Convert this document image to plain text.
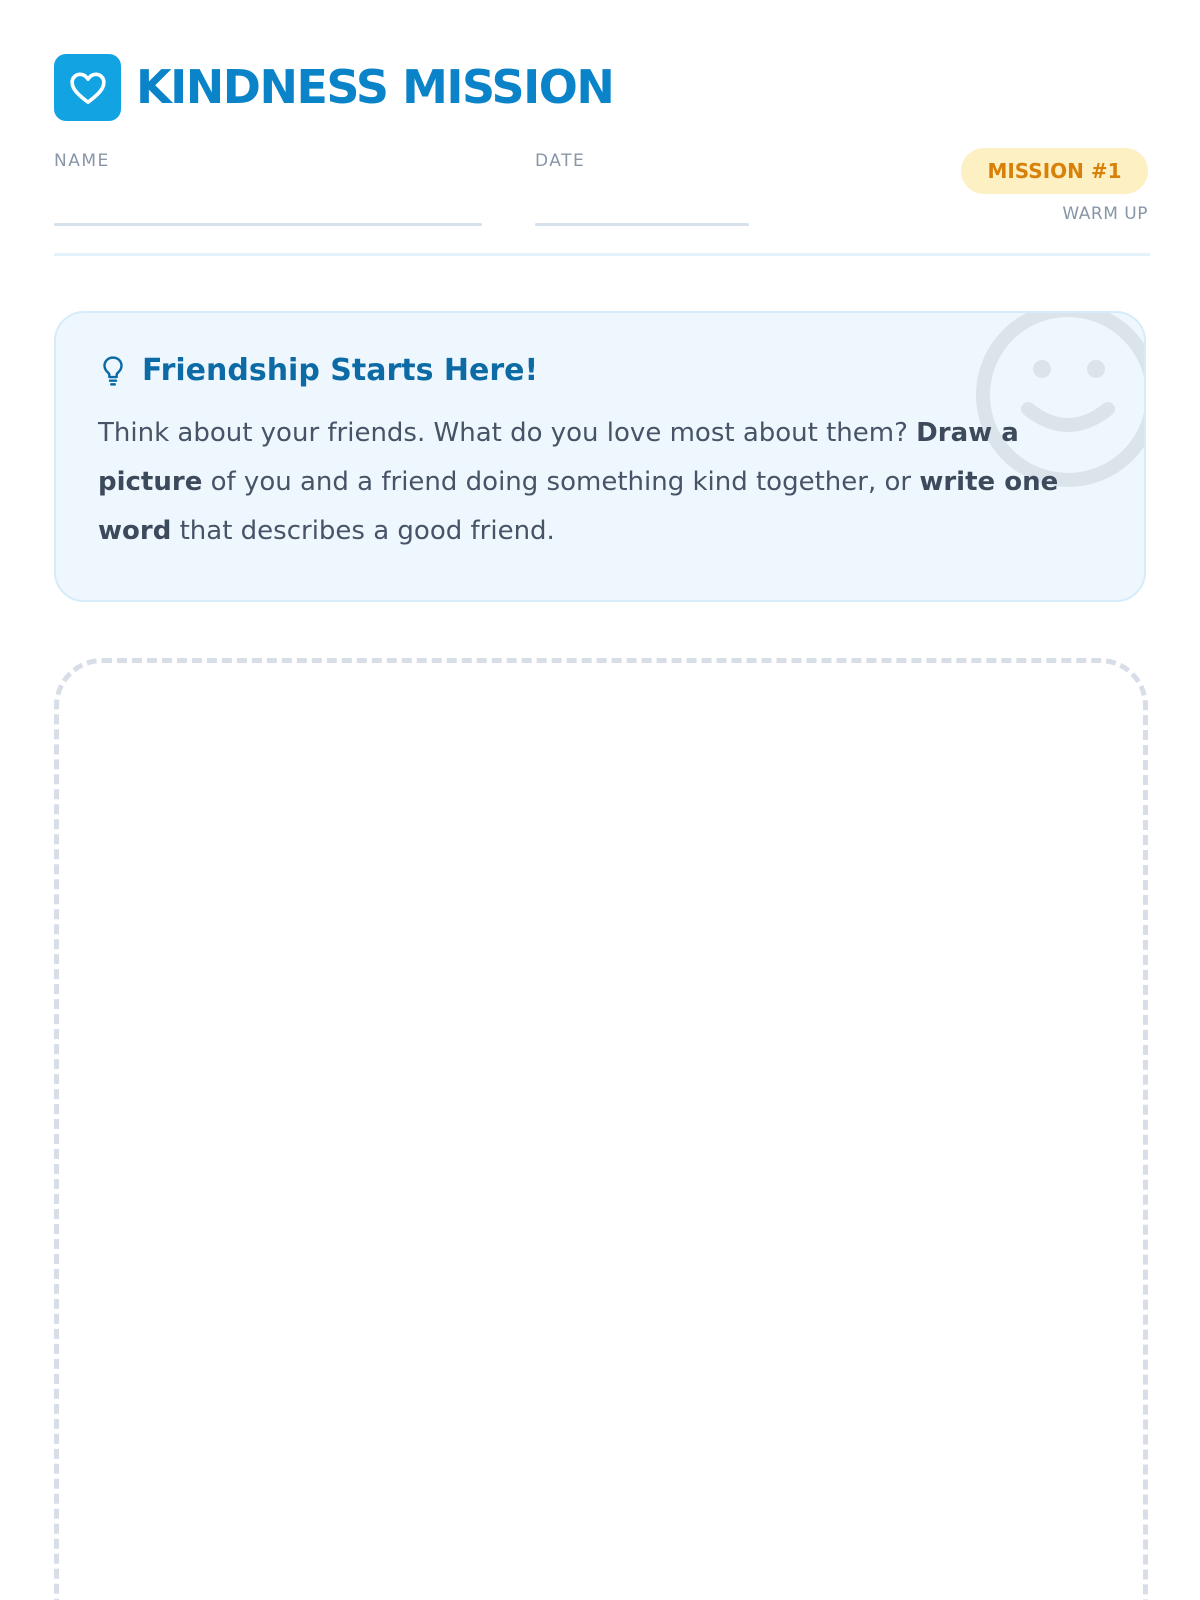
KINDNESS MISSION
NAME	DATE	MISSION #1
WARM UP
Friendship Starts Here!

Think about your friends. What do you love most about them? Draw a picture of you and a friend doing something kind together, or write one word that describes a good friend.
